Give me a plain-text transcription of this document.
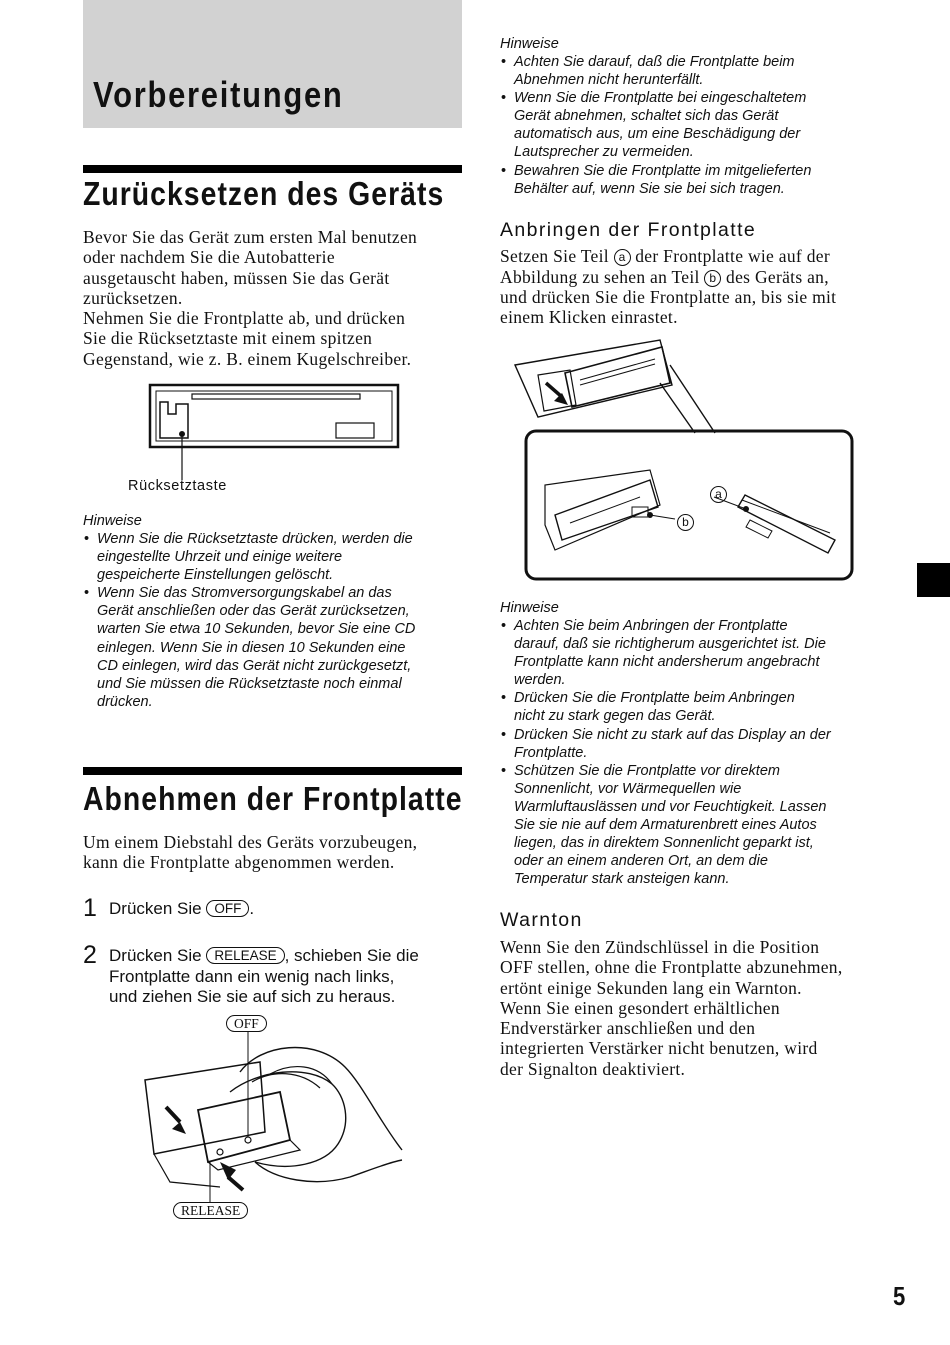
Vorbereitungen
Zurücksetzen des Geräts
Bevor Sie das Gerät zum ersten Mal benutzen
oder nachdem Sie die Autobatterie
ausgetauscht haben, müssen Sie das Gerät
zurücksetzen.
Nehmen Sie die Frontplatte ab, und drücken
Sie die Rücksetztaste mit einem spitzen
Gegenstand, wie z. B. einem Kugelschreiber.
Rücksetztaste
Hinweise
• Wenn Sie die Rücksetztaste drücken, werden die
eingestellte Uhrzeit und einige weitere
gespeicherte Einstellungen gelöscht.
• Wenn Sie das Stromversorgungskabel an das
Gerät anschließen oder das Gerät zurücksetzen,
warten Sie etwa 10 Sekunden, bevor Sie eine CD
einlegen. Wenn Sie in diesen 10 Sekunden eine
CD einlegen, wird das Gerät nicht zurückgesetzt,
und Sie müssen die Rücksetztaste noch einmal
drücken.
Abnehmen der Frontplatte
Um einem Diebstahl des Geräts vorzubeugen,
kann die Frontplatte abgenommen werden.
1 Drücken Sie OFF .
2 Drücken Sie RELEASE , schieben Sie die
Frontplatte dann ein wenig nach links,
und ziehen Sie sie auf sich zu heraus.
OFF
RELEASE
Hinweise
• Achten Sie darauf, daß die Frontplatte beim
Abnehmen nicht herunterfällt.
• Wenn Sie die Frontplatte bei eingeschaltetem
Gerät abnehmen, schaltet sich das Gerät
automatisch aus, um eine Beschädigung der
Lautsprecher zu vermeiden.
• Bewahren Sie die Frontplatte im mitgelieferten
Behälter auf, wenn Sie sie bei sich tragen.
Anbringen der Frontplatte
Setzen Sie Teil a der Frontplatte wie auf der
Abbildung zu sehen an Teil b des Geräts an,
und drücken Sie die Frontplatte an, bis sie mit
einem Klicken einrastet.
a
b
Hinweise
• Achten Sie beim Anbringen der Frontplatte
darauf, daß sie richtigherum ausgerichtet ist. Die
Frontplatte kann nicht andersherum angebracht
werden.
• Drücken Sie die Frontplatte beim Anbringen
nicht zu stark gegen das Gerät.
• Drücken Sie nicht zu stark auf das Display an der
Frontplatte.
• Schützen Sie die Frontplatte vor direktem
Sonnenlicht, vor Wärmequellen wie
Warmluftauslässen und vor Feuchtigkeit. Lassen
Sie sie nie auf dem Armaturenbrett eines Autos
liegen, das in direktem Sonnenlicht geparkt ist,
oder an einem anderen Ort, an dem die
Temperatur stark ansteigen kann.
Warnton
Wenn Sie den Zündschlüssel in die Position
OFF stellen, ohne die Frontplatte abzunehmen,
ertönt einige Sekunden lang ein Warnton.
Wenn Sie einen gesondert erhältlichen
Endverstärker anschließen und den
integrierten Verstärker nicht benutzen, wird
der Signalton deaktiviert.
5
